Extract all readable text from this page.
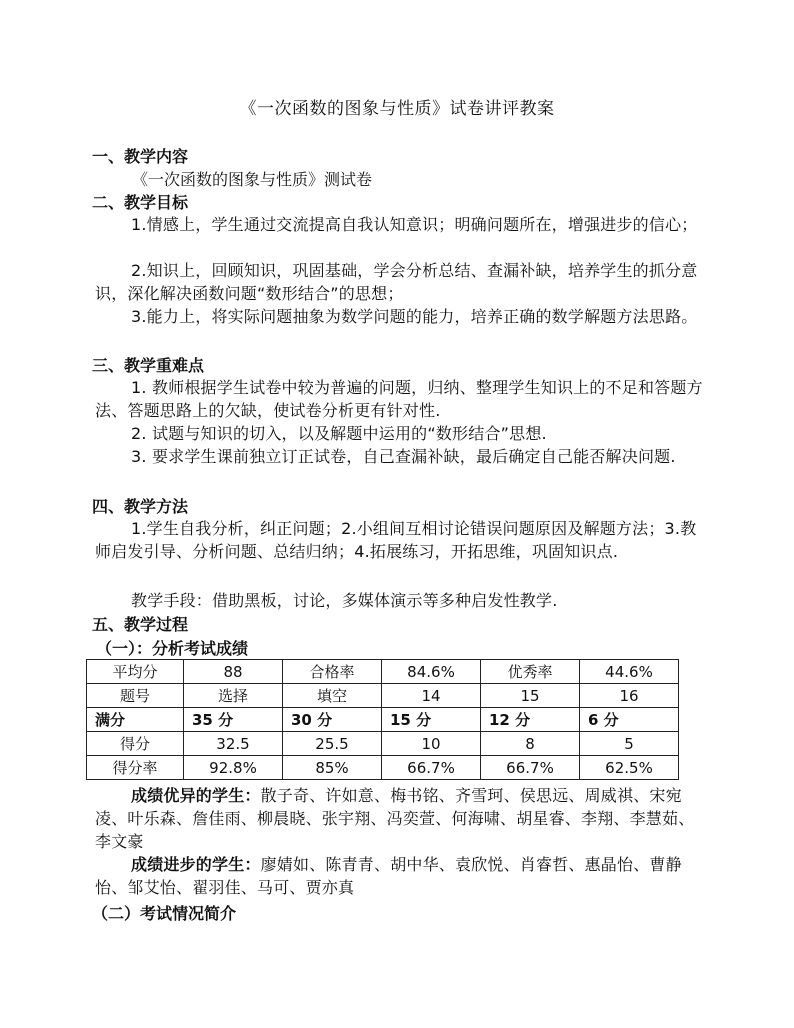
《一次函数的图象与性质》试卷讲评教案
一、教学内容
《一次函数的图象与性质》测试卷
二、教学目标
1.情感上，学生通过交流提高自我认知意识；明确问题所在，增强进步的信心；
2.知识上，回顾知识，巩固基础，学会分析总结、查漏补缺，培养学生的抓分意识，深化解决函数问题“数形结合”的思想；
3.能力上，将实际问题抽象为数学问题的能力，培养正确的数学解题方法思路。
三、教学重难点
1. 教师根据学生试卷中较为普遍的问题，归纳、整理学生知识上的不足和答题方法、答题思路上的欠缺，使试卷分析更有针对性.
2. 试题与知识的切入，以及解题中运用的“数形结合”思想.
3. 要求学生课前独立订正试卷，自己查漏补缺，最后确定自己能否解决问题.
四、教学方法
1.学生自我分析，纠正问题；2.小组间互相讨论错误问题原因及解题方法；3.教师启发引导、分析问题、总结归纳；4.拓展练习，开拓思维，巩固知识点.
教学手段：借助黑板，讨论，多媒体演示等多种启发性教学.
五、教学过程
（一）：分析考试成绩
平均分	88	合格率	84.6%	优秀率	44.6%
题号	选择	填空	14	15	16
满分	35 分	30 分	15 分	12 分	6 分
得分	32.5	25.5	10	8	5
得分率	92.8%	85%	66.7%	66.7%	62.5%
成绩优异的学生：散子奇、许如意、梅书铭、齐雪珂、侯思远、周威祺、宋宛凌、叶乐森、詹佳雨、柳晨晓、张宇翔、冯奕萱、何海啸、胡星睿、李翔、李慧茹、李文豪
成绩进步的学生：廖婧如、陈青青、胡中华、袁欣悦、肖睿哲、惠晶怡、曹静怡、邹艾怡、翟羽佳、马可、贾亦真
（二）考试情况简介
